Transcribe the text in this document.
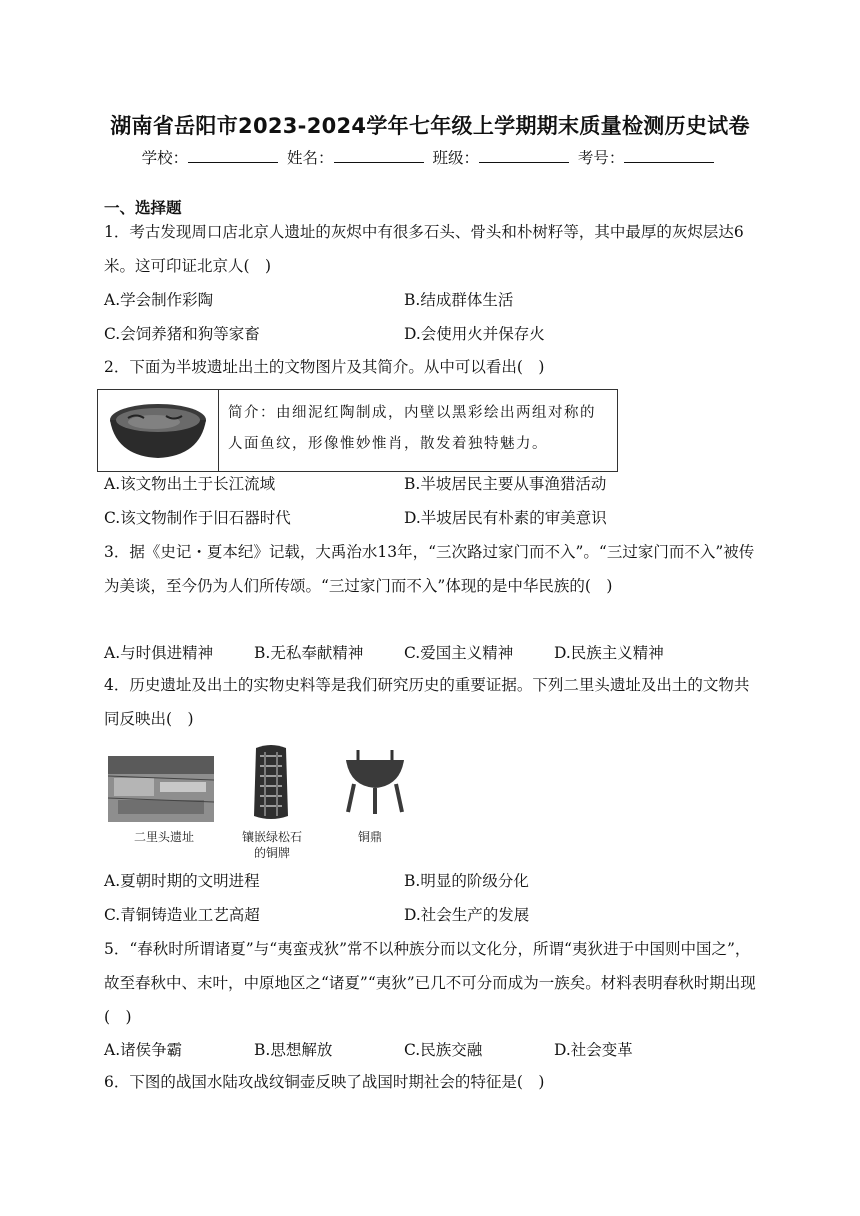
湖南省岳阳市2023-2024学年七年级上学期期末质量检测历史试卷
学校：	姓名：	班级：	考号：
一、选择题
1．考古发现周口店北京人遗址的灰烬中有很多石头、骨头和朴树籽等，其中最厚的灰烬层达6米。这可印证北京人(　)
A.学会制作彩陶	B.结成群体生活
C.会饲养猪和狗等家畜	D.会使用火并保存火
2．下面为半坡遗址出土的文物图片及其简介。从中可以看出(　)
简介：由细泥红陶制成，内壁以黑彩绘出两组对称的人面鱼纹，形像惟妙惟肖，散发着独特魅力。
A.该文物出土于长江流域	B.半坡居民主要从事渔猎活动
C.该文物制作于旧石器时代	D.半坡居民有朴素的审美意识
3．据《史记・夏本纪》记载，大禹治水13年，“三次路过家门而不入”。“三过家门而不入”被传为美谈，至今仍为人们所传颂。“三过家门而不入”体现的是中华民族的(　)
A.与时俱进精神	B.无私奉献精神	C.爱国主义精神	D.民族主义精神
4．历史遗址及出土的实物史料等是我们研究历史的重要证据。下列二里头遗址及出土的文物共同反映出(　)
二里头遗址	镶嵌绿松石
的铜牌
铜鼎
A.夏朝时期的文明进程	B.明显的阶级分化
C.青铜铸造业工艺高超	D.社会生产的发展
5．“春秋时所谓诸夏”与“夷蛮戎狄”常不以种族分而以文化分，所谓“夷狄进于中国则中国之”，故至春秋中、末叶，中原地区之“诸夏”“夷狄”已几不可分而成为一族矣。材料表明春秋时期出现(　)
A.诸侯争霸	B.思想解放	C.民族交融	D.社会变革
6．下图的战国水陆攻战纹铜壶反映了战国时期社会的特征是(　)
